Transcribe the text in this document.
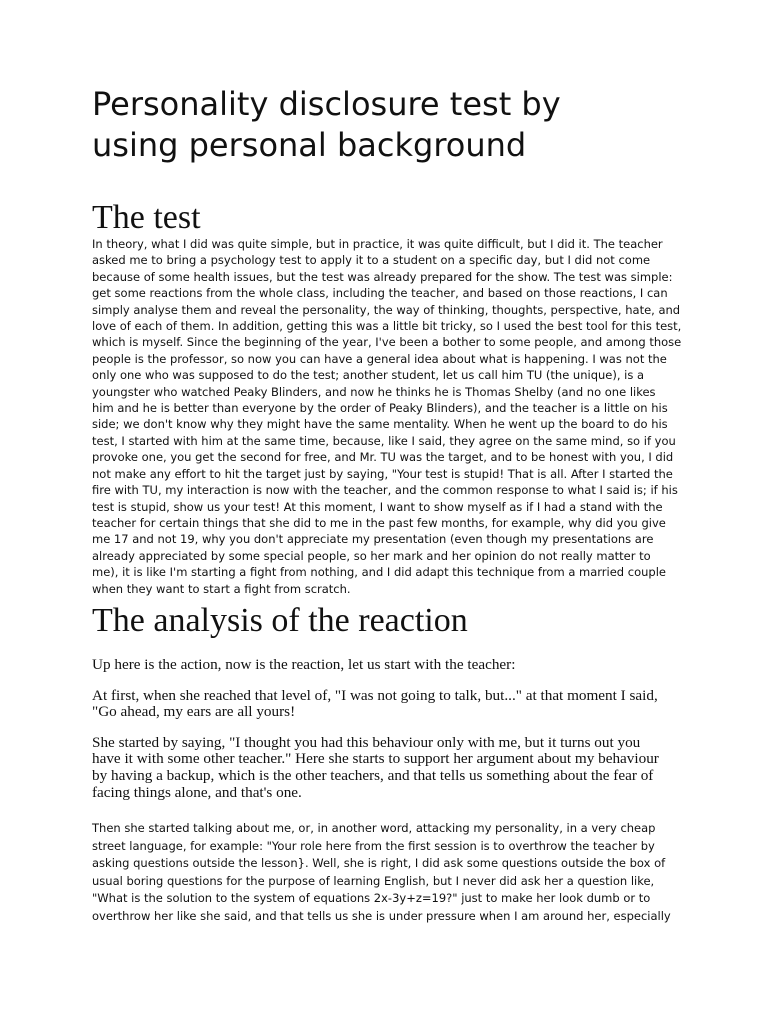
Personality disclosure test by
using personal background
The test

In theory, what I did was quite simple, but in practice, it was quite difficult, but I did it. The teacher
asked me to bring a psychology test to apply it to a student on a specific day, but I did not come
because of some health issues, but the test was already prepared for the show. The test was simple:
get some reactions from the whole class, including the teacher, and based on those reactions, I can
simply analyse them and reveal the personality, the way of thinking, thoughts, perspective, hate, and
love of each of them. In addition, getting this was a little bit tricky, so I used the best tool for this test,
which is myself. Since the beginning of the year, I've been a bother to some people, and among those
people is the professor, so now you can have a general idea about what is happening. I was not the
only one who was supposed to do the test; another student, let us call him TU (the unique), is a
youngster who watched Peaky Blinders, and now he thinks he is Thomas Shelby (and no one likes
him and he is better than everyone by the order of Peaky Blinders), and the teacher is a little on his
side; we don't know why they might have the same mentality. When he went up the board to do his
test, I started with him at the same time, because, like I said, they agree on the same mind, so if you
provoke one, you get the second for free, and Mr. TU was the target, and to be honest with you, I did
not make any effort to hit the target just by saying, "Your test is stupid! That is all. After I started the
fire with TU, my interaction is now with the teacher, and the common response to what I said is; if his
test is stupid, show us your test! At this moment, I want to show myself as if I had a stand with the
teacher for certain things that she did to me in the past few months, for example, why did you give
me 17 and not 19, why you don't appreciate my presentation (even though my presentations are
already appreciated by some special people, so her mark and her opinion do not really matter to
me), it is like I'm starting a fight from nothing, and I did adapt this technique from a married couple
when they want to start a fight from scratch.

The analysis of the reaction

Up here is the action, now is the reaction, let us start with the teacher:

At first, when she reached that level of, "I was not going to talk, but..." at that moment I said,
"Go ahead, my ears are all yours!

She started by saying, "I thought you had this behaviour only with me, but it turns out you
have it with some other teacher." Here she starts to support her argument about my behaviour
by having a backup, which is the other teachers, and that tells us something about the fear of
facing things alone, and that's one.

Then she started talking about me, or, in another word, attacking my personality, in a very cheap
street language, for example: "Your role here from the first session is to overthrow the teacher by
asking questions outside the lesson}. Well, she is right, I did ask some questions outside the box of
usual boring questions for the purpose of learning English, but I never did ask her a question like,
"What is the solution to the system of equations 2x-3y+z=19?" just to make her look dumb or to
overthrow her like she said, and that tells us she is under pressure when I am around her, especially
